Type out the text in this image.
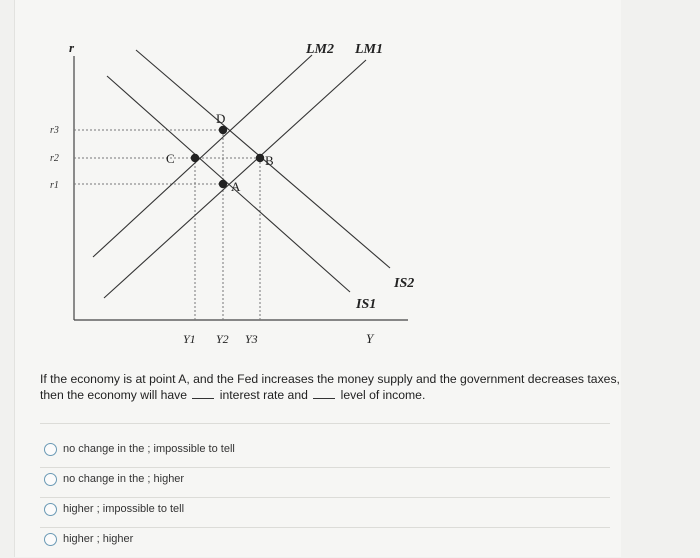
D
C	B
A
r
r3
r2
r1
Y1 Y2 Y3	Y
LM2 LM1
IS1
IS2
If the economy is at point A, and the Fed increases the money supply and the government decreases taxes, then the economy will have	interest rate and	level of income.
no change in the ; impossible to tell
no change in the ; higher
higher ; impossible to tell
higher ; higher
